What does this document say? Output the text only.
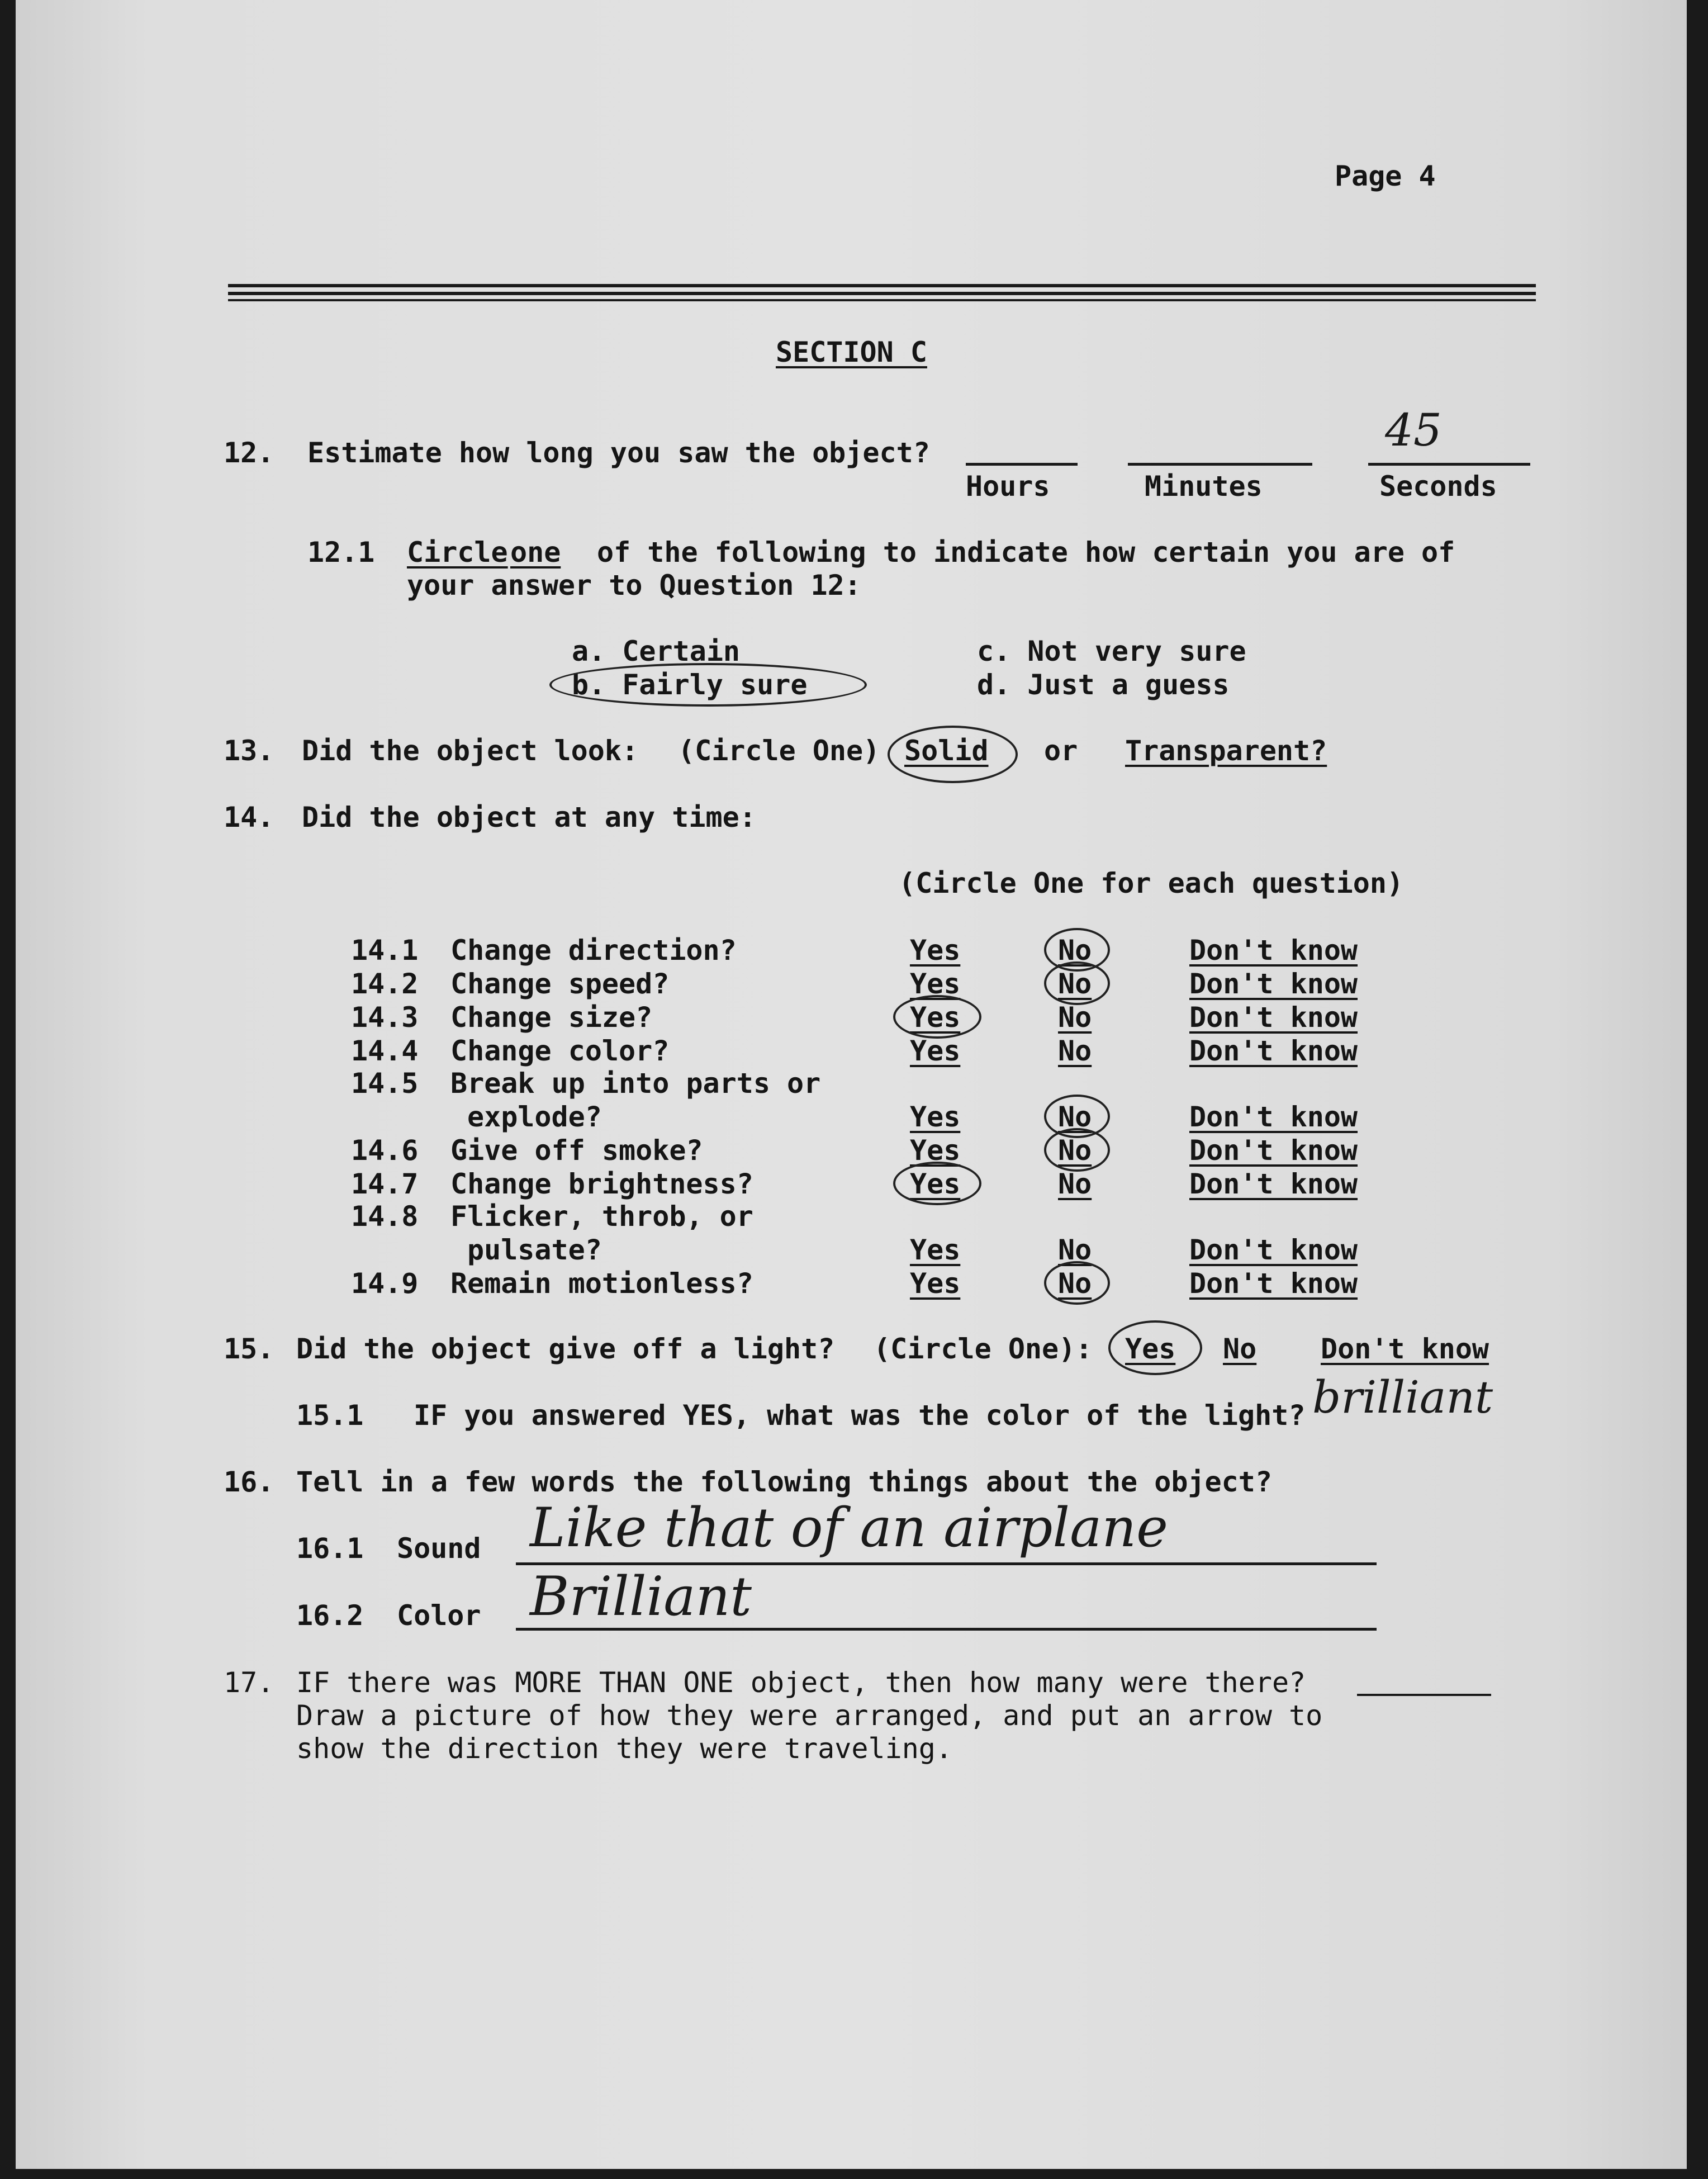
Page 4
SECTION C
12. Estimate how long you saw the object?	45
Hours	Minutes	Seconds
12.1 Circle one of the following to indicate how certain you are of
your answer to Question 12:
a. Certain
b. Fairly sure
c. Not very sure
d. Just a guess
13. Did the object look: (Circle One) Solid or Transparent?
14. Did the object at any time:
(Circle One for each question)
14.1 Change direction?	Yes	No	Don't know
14.2 Change speed?	Yes	No	Don't know
14.3 Change size?	Yes	No	Don't know
14.4 Change color?	Yes	No	Don't know
14.5 Break up into parts or
explode?	Yes	No	Don't know
14.6 Give off smoke?	Yes	No	Don't know
14.7 Change brightness?	Yes	No	Don't know
14.8 Flicker, throb, or
pulsate?	Yes	No	Don't know
14.9 Remain motionless?	Yes	No	Don't know
15. Did the object give off a light? (Circle One): Yes No Don't know
15.1 IF you answered YES, what was the color of the light? brilliant
16. Tell in a few words the following things about the object?
16.1 Sound Like that of an airplane
16.2 Color Brilliant
17. IF there was MORE THAN ONE object, then how many were there?
Draw a picture of how they were arranged, and put an arrow to
show the direction they were traveling.
